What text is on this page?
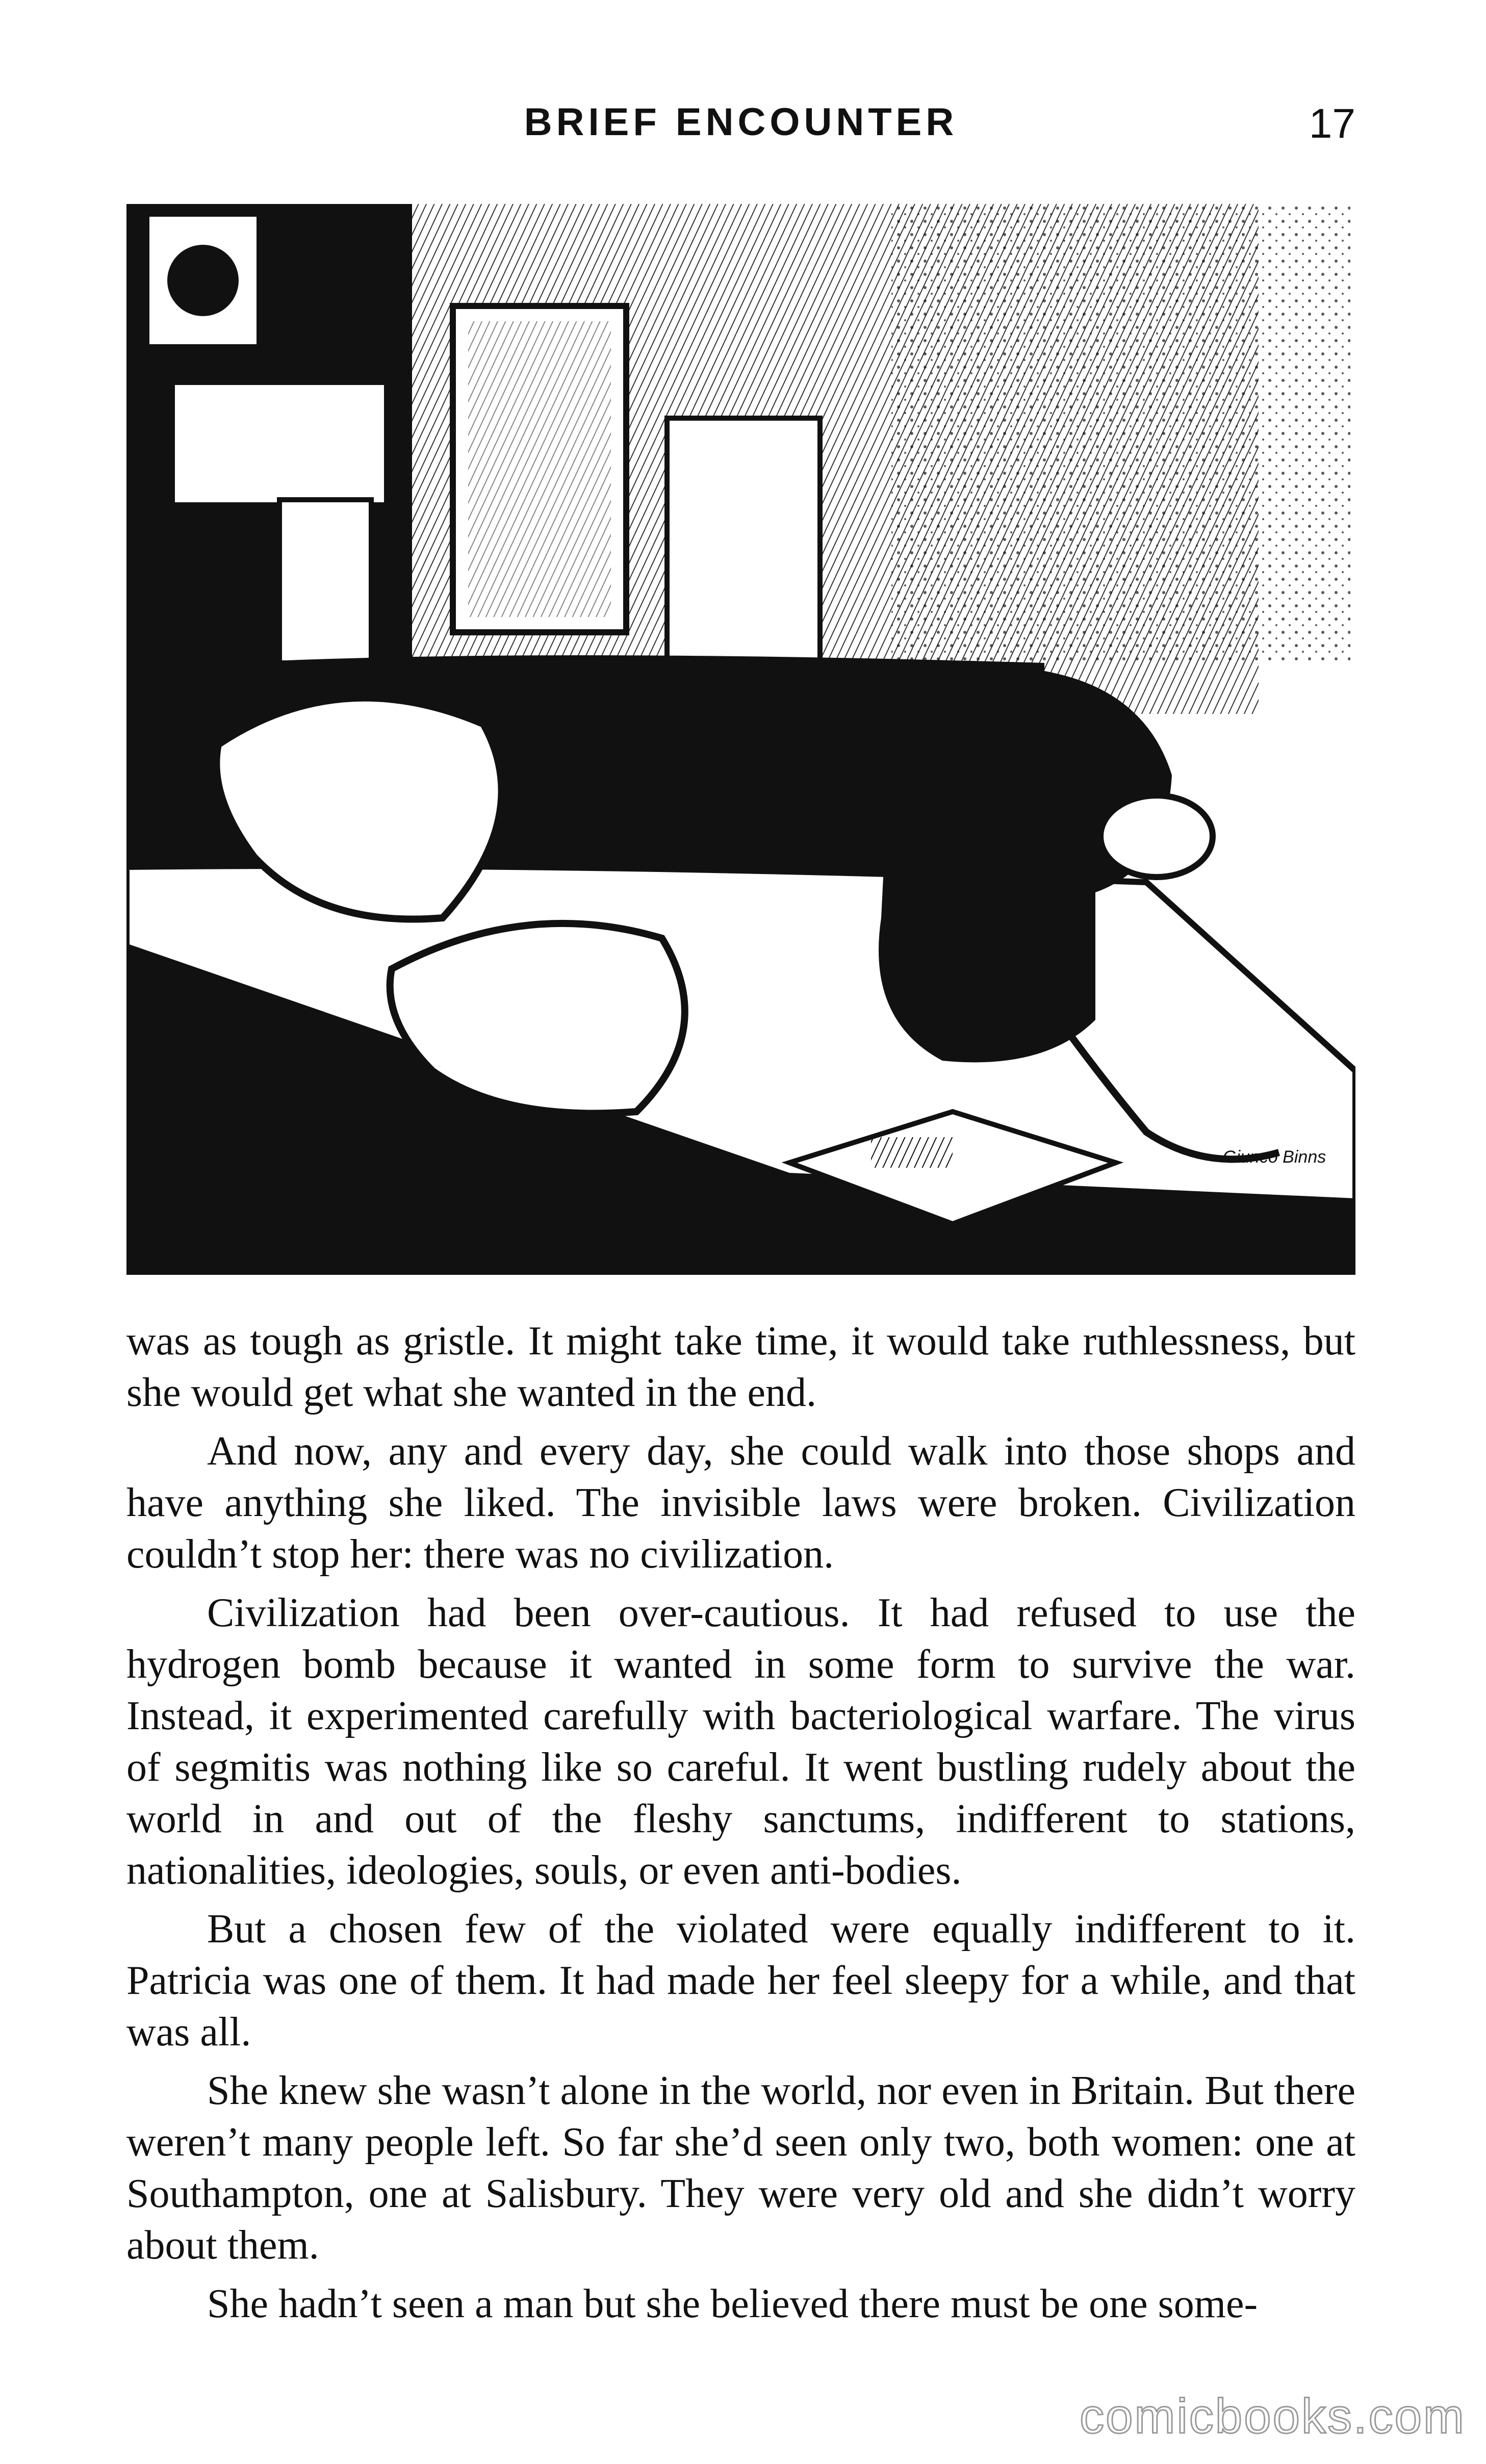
BRIEF ENCOUNTER	17
Giunco Binns

was as tough as gristle. It might take time, it would take ruthlessness, but she would get what she wanted in the end.

And now, any and every day, she could walk into those shops and have anything she liked. The invisible laws were broken. Civilization couldn’t stop her: there was no civilization.

Civilization had been over-cautious. It had refused to use the hydrogen bomb because it wanted in some form to survive the war. Instead, it experimented carefully with bacteriological warfare. The virus of segmitis was nothing like so careful. It went bustling rudely about the world in and out of the fleshy sanctums, indifferent to stations, nationalities, ideologies, souls, or even anti-bodies.

But a chosen few of the violated were equally indifferent to it. Patricia was one of them. It had made her feel sleepy for a while, and that was all.

She knew she wasn’t alone in the world, nor even in Britain. But there weren’t many people left. So far she’d seen only two, both women: one at Southampton, one at Salisbury. They were very old and she didn’t worry about them.

She hadn’t seen a man but she believed there must be one some-

comicbooks.com
